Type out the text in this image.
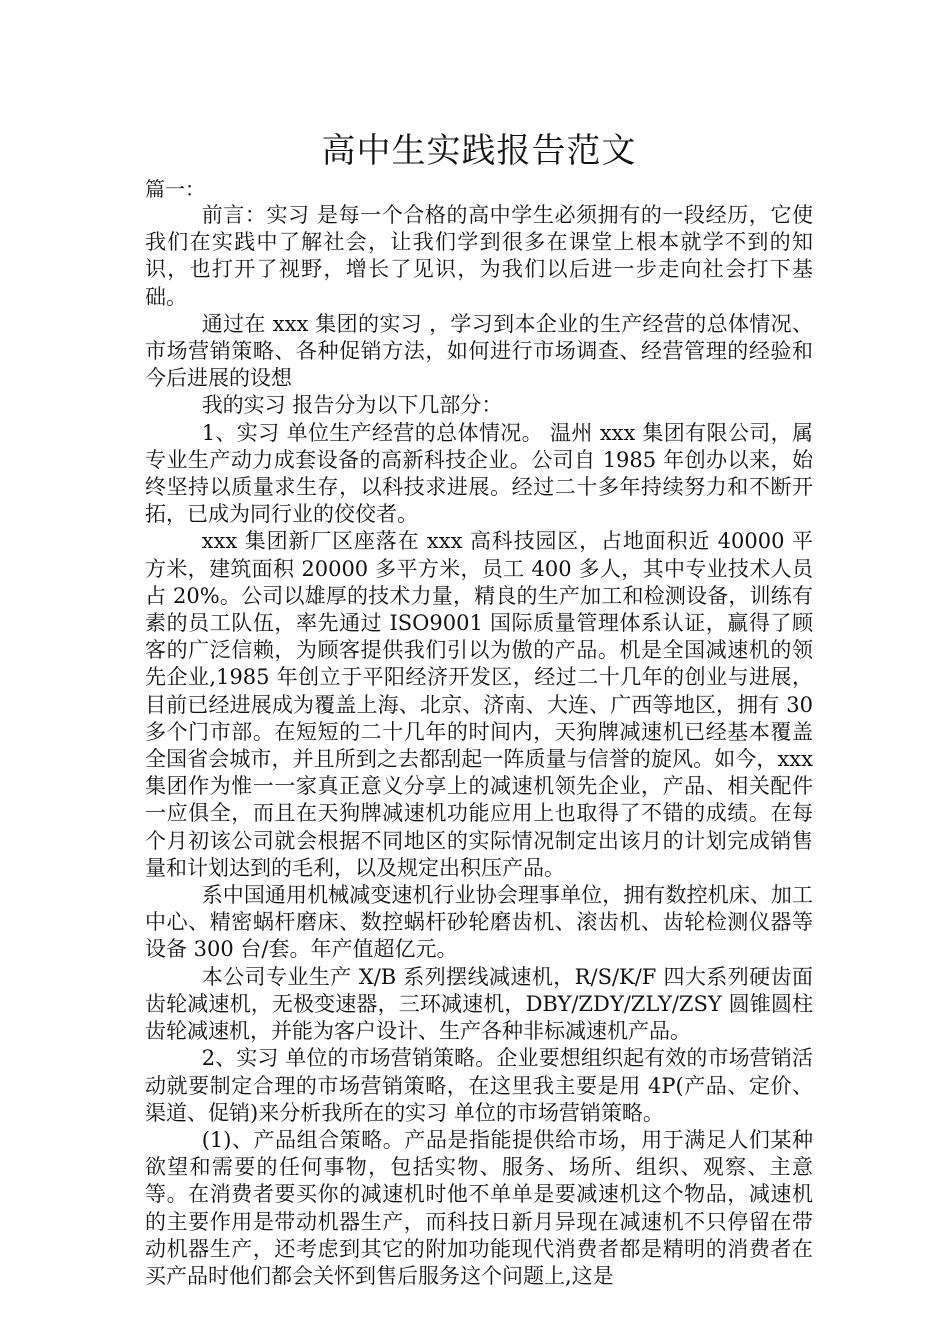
高中生实践报告范文

篇一：

前言：实习 是每一个合格的高中学生必须拥有的一段经历，它使我们在实践中了解社会，让我们学到很多在课堂上根本就学不到的知识，也打开了视野，增长了见识，为我们以后进一步走向社会打下基础。

通过在 xxx 集团的实习 ，学习到本企业的生产经营的总体情况、市场营销策略、各种促销方法，如何进行市场调查、经营管理的经验和今后进展的设想

我的实习 报告分为以下几部分：

1、实习 单位生产经营的总体情况。 温州 xxx 集团有限公司，属专业生产动力成套设备的高新科技企业。公司自 1985 年创办以来，始终坚持以质量求生存，以科技求进展。经过二十多年持续努力和不断开拓，已成为同行业的佼佼者。

xxx 集团新厂区座落在 xxx 高科技园区，占地面积近 40000 平方米，建筑面积 20000 多平方米，员工 400 多人，其中专业技术人员占 20%。公司以雄厚的技术力量，精良的生产加工和检测设备，训练有素的员工队伍，率先通过 ISO9001 国际质量管理体系认证，赢得了顾客的广泛信赖，为顾客提供我们引以为傲的产品。机是全国减速机的领先企业,1985 年创立于平阳经济开发区，经过二十几年的创业与进展，目前已经进展成为覆盖上海、北京、济南、大连、广西等地区，拥有 30 多个门市部。在短短的二十几年的时间内，天狗牌减速机已经基本覆盖全国省会城市，并且所到之去都刮起一阵质量与信誉的旋风。如今，xxx 集团作为惟一一家真正意义分享上的减速机领先企业，产品、相关配件一应俱全，而且在天狗牌减速机功能应用上也取得了不错的成绩。在每个月初该公司就会根据不同地区的实际情况制定出该月的计划完成销售量和计划达到的毛利，以及规定出积压产品。

系中国通用机械减变速机行业协会理事单位，拥有数控机床、加工中心、精密蜗杆磨床、数控蜗杆砂轮磨齿机、滚齿机、齿轮检测仪器等设备 300 台/套。年产值超亿元。

本公司专业生产 X/B 系列摆线减速机，R/S/K/F 四大系列硬齿面齿轮减速机，无极变速器，三环减速机，DBY/ZDY/ZLY/ZSY 圆锥圆柱齿轮减速机，并能为客户设计、生产各种非标减速机产品。

2、实习 单位的市场营销策略。企业要想组织起有效的市场营销活动就要制定合理的市场营销策略，在这里我主要是用 4P(产品、定价、渠道、促销)来分析我所在的实习 单位的市场营销策略。

(1)、产品组合策略。产品是指能提供给市场，用于满足人们某种欲望和需要的任何事物，包括实物、服务、场所、组织、观察、主意等。在消费者要买你的减速机时他不单单是要减速机这个物品，减速机的主要作用是带动机器生产，而科技日新月异现在减速机不只停留在带动机器生产，还考虑到其它的附加功能现代消费者都是精明的消费者在买产品时他们都会关怀到售后服务这个问题上,这是
